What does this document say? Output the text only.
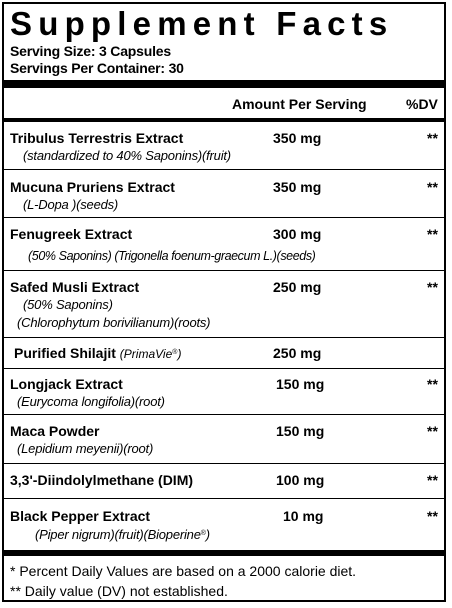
Supplement Facts
Serving Size: 3 Capsules
Servings Per Container: 30
Amount Per Serving	%DV
Tribulus Terrestris Extract	350 mg	**
(standardized to 40% Saponins)(fruit)
Mucuna Pruriens Extract	350 mg	**
(L-Dopa )(seeds)
Fenugreek Extract	300 mg	**
(50% Saponins) (Trigonella foenum-graecum L.)(seeds)
Safed Musli Extract	250 mg	**
(50% Saponins)
(Chlorophytum borivilianum)(roots)
Purified Shilajit (PrimaVie®)	250 mg
Longjack Extract	150 mg	**
(Eurycoma longifolia)(root)
Maca Powder	150 mg	**
(Lepidium meyenii)(root)
3,3'-Diindolylmethane (DIM)	100 mg	**
Black Pepper Extract	10 mg	**
(Piper nigrum)(fruit)(Bioperine®)
* Percent Daily Values are based on a 2000 calorie diet.
** Daily value (DV) not established.
